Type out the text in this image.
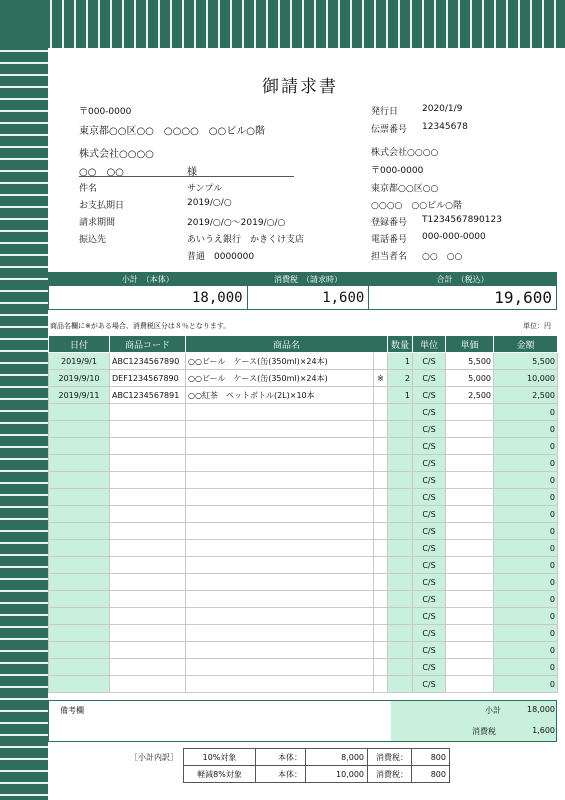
御請求書
〒000-0000
東京都○○区○○　○○○○　○○ビル○階
株式会社○○○○
○○　○○	様
件名	サンプル
お支払期日	2019/○/○
請求期間	2019/○/○～2019/○/○
振込先	あいうえ銀行　かきくけ支店
普通　0000000
発行日	2020/1/9
伝票番号 12345678
株式会社○○○○
〒000-0000
東京都○○区○○
○○○○　○○ビル○階
登録番号 T1234567890123
電話番号 000-000-0000
担当者名 ○○　○○
小計　（本体）	消費税　（請求時）	合計　（税込）
18,000	1,600	19,600
商品名欄に※がある場合、消費税区分は８％となります。	単位：円
日付	商品コード	商品名		数量	単位	単価	金額
2019/9/1	ABC1234567890	○○ビール　ケース(缶(350ml)×24本)		1	C/S	5,500	5,500
2019/9/10	DEF1234567890	○○ビール　ケース(缶(350ml)×24本)	※	2	C/S	5,000	10,000
2019/9/11	ABC1234567891	○○紅茶　ペットボトル(2L)×10本		1	C/S	2,500	2,500
					C/S		0
					C/S		0
					C/S		0
					C/S		0
					C/S		0
					C/S		0
					C/S		0
					C/S		0
					C/S		0
					C/S		0
					C/S		0
					C/S		0
					C/S		0
					C/S		0
					C/S		0
					C/S		0
					C/S		0
備考欄	小計	18,000
消費税	1,600
［小計内訳］	10%対象	本体：	8,000	消費税：	800
軽減8%対象	本体：	10,000	消費税：	800
